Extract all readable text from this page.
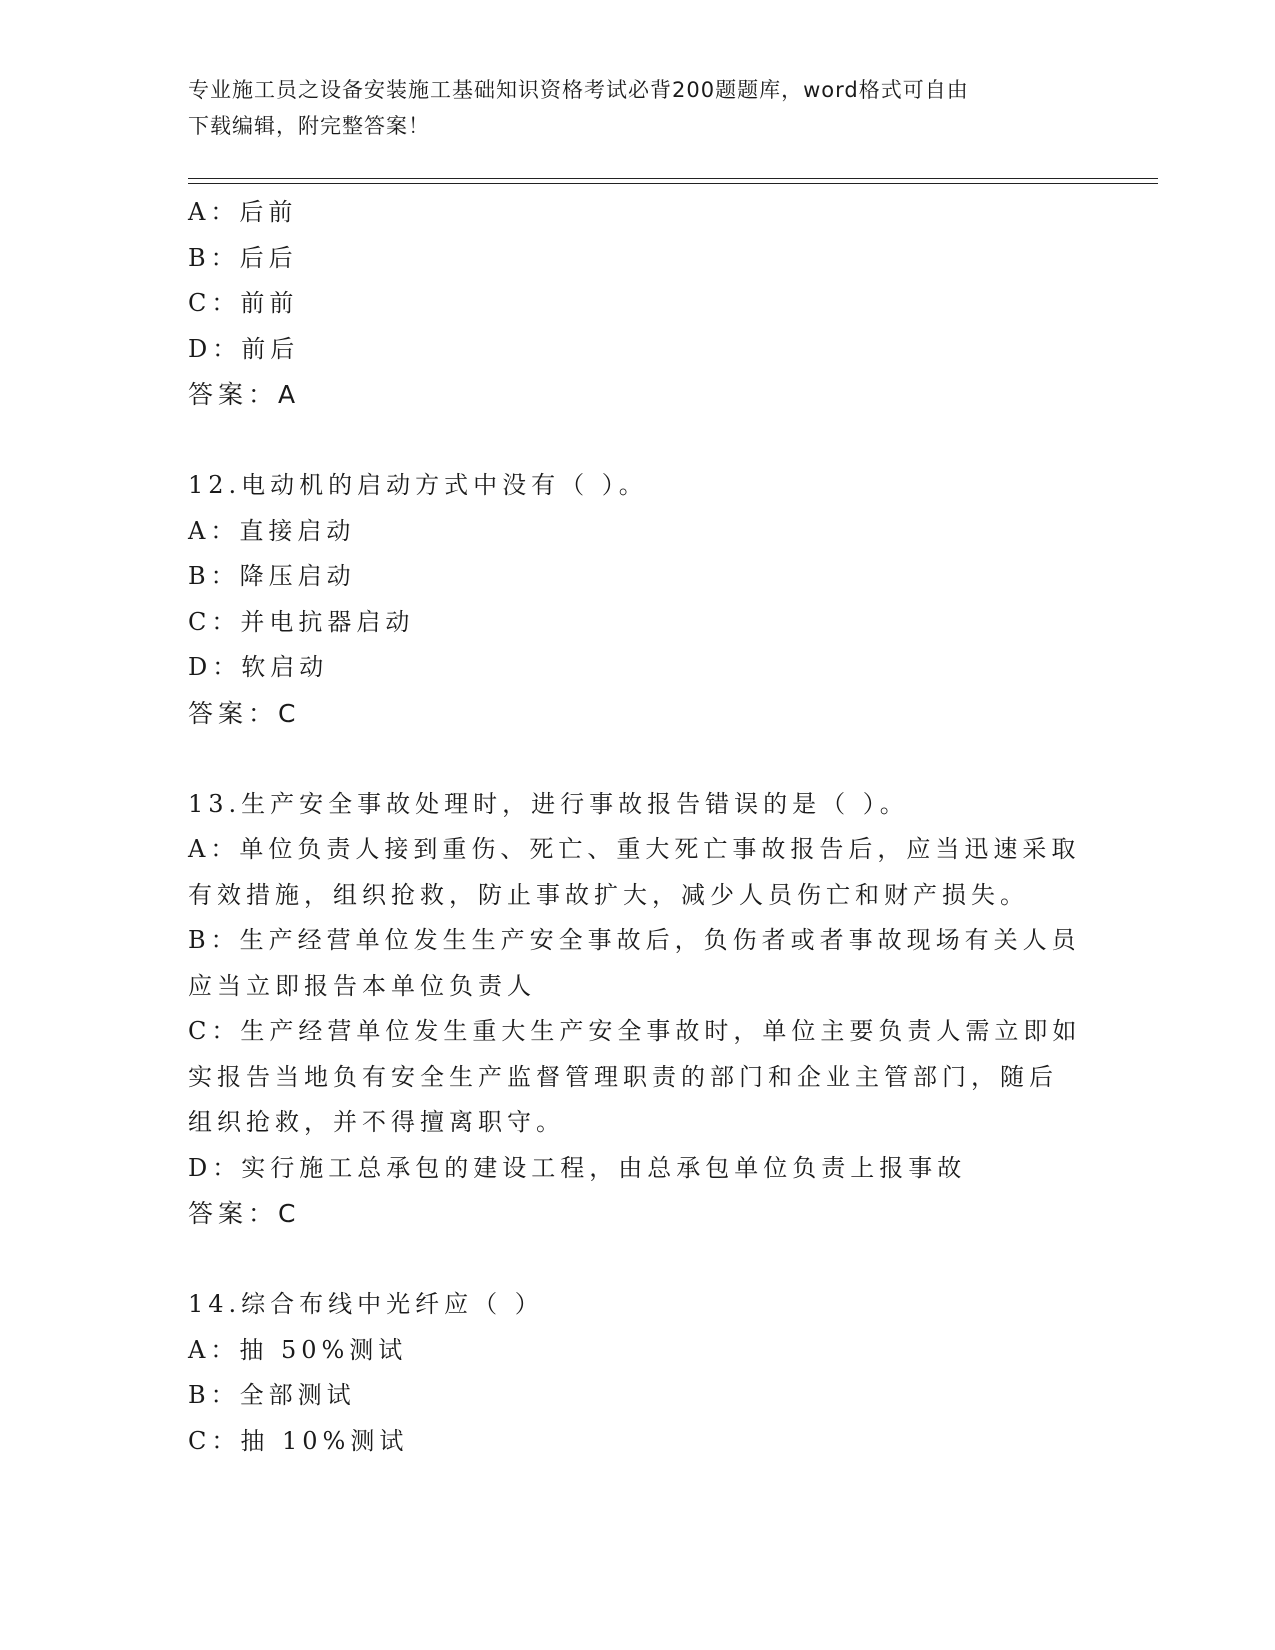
专业施工员之设备安装施工基础知识资格考试必背200题题库，word格式可自由
下载编辑，附完整答案！
A：后前
B：后后
C：前前
D：前后
答案：A
12.电动机的启动方式中没有（ ）。
A：直接启动
B：降压启动
C：并电抗器启动
D：软启动
答案：C
13.生产安全事故处理时，进行事故报告错误的是（ ）。
A：单位负责人接到重伤、死亡、重大死亡事故报告后，应当迅速采取
有效措施，组织抢救，防止事故扩大，减少人员伤亡和财产损失。
B：生产经营单位发生生产安全事故后，负伤者或者事故现场有关人员
应当立即报告本单位负责人
C：生产经营单位发生重大生产安全事故时，单位主要负责人需立即如
实报告当地负有安全生产监督管理职责的部门和企业主管部门，随后
组织抢救，并不得擅离职守。
D：实行施工总承包的建设工程，由总承包单位负责上报事故
答案：C
14.综合布线中光纤应（ ）
A：抽 50%测试
B：全部测试
C：抽 10%测试
